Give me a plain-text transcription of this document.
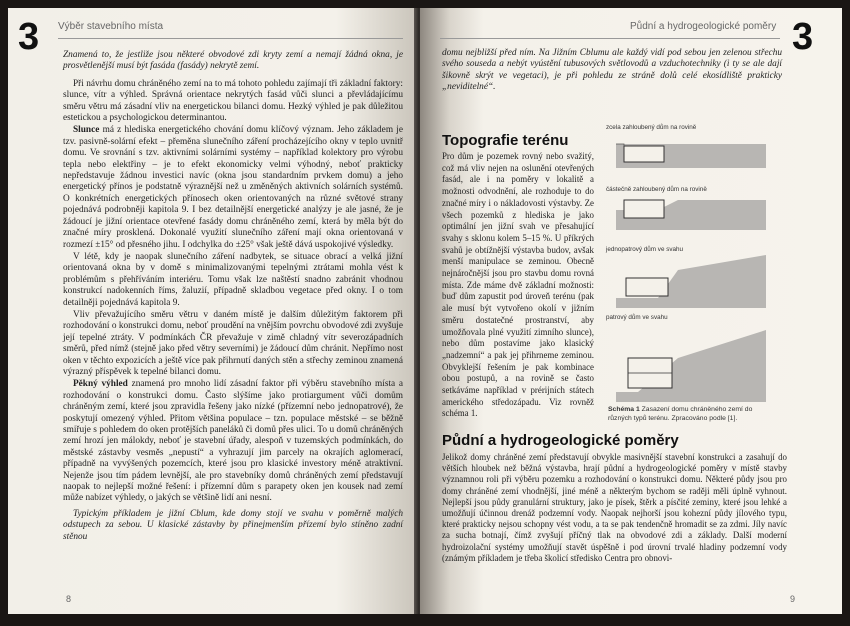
3 Výběr stavebního místa

Znamená to, že jestliže jsou některé obvodové zdi kryty zemí a nemají žádná okna, je prosvětlenější musí být fasáda (fasády) nekrytě zemí.

Při návrhu domu chráněného zemí na to má tohoto pohledu zajímají tři základní faktory: slunce, vítr a výhled. Správná orientace nekrytých fasád vůči slunci a převládajícímu směru větru má zásadní vliv na energetickou bilanci domu. Hezký výhled je pak důležitou estetickou a psychologickou determinantou.

Slunce má z hlediska energetického chování domu klíčový význam. Jeho základem je tzv. pasivně-solární efekt – přeměna slunečního záření procházejícího okny v teplo uvnitř domu. Ve srovnání s tzv. aktivními solárními systémy – například kolektory pro výrobu tepla nebo elektřiny – je to efekt ekonomicky velmi výhodný, neboť prakticky nepředstavuje žádnou investici navíc (okna jsou standardním prvkem domu) a jeho energetický přínos je podstatně výraznější než u změněných aktivních solárních systémů. O konkrétních energetických přínosech oken orientovaných na různé světové strany pojednává podrobněji kapitola 9. I bez detailnější energetické analýzy je ale jasné, že je žádoucí je jižní orientace otevřené fasády domu chráněného zemí, která by měla být do značné míry prosklená. Dokonalé využití slunečního záření mají okna orientovaná v rozmezí ±15° od přesného jihu. I odchylka do ±25° však ještě dává uspokojivé výsledky.

V létě, kdy je naopak slunečního záření nadbytek, se situace obrací a velká jižní orientovaná okna by v domě s minimalizovanými tepelnými ztrátami mohla vést k problémům s přehříváním interiéru. Tomu však lze naštěstí snadno zabránit vhodnou konstrukcí nadokenních říms, žaluzií, případně skladbou vegetace před okny. I o tom detailněji pojednává kapitola 9.

Vliv převažujícího směru větru v daném místě je dalším důležitým faktorem při rozhodování o konstrukci domu, neboť proudění na vnějším povrchu obvodové zdi zvyšuje její tepelné ztráty. V podmínkách ČR převažuje v zimě chladný vítr severozápadních směrů, před nímž (stejně jako před větry severními) je žádoucí dům chránit. Nepřímo nost oken v těchto expozicích a ještě více pak přihrnutí daných stěn a střechy zeminou znamená výrazný příspěvek k tepelné bilanci domu.

Pěkný výhled znamená pro mnoho lidí zásadní faktor při výběru stavebního místa a rozhodování o konstrukci domu. Často slýšíme jako protiargument vůči domům chráněným zemí, které jsou zpravidla řešeny jako nízké (přízemní nebo jednopatrové), že poskytují omezený výhled. Přitom většina populace – tzn. populace městské – se běžně smiřuje s pohledem do oken protějších paneláků či domů přes ulici. To u domů chráněných zemí hrozí jen málokdy, neboť je stavební úřady, alespoň v tuzemských podmínkách, do městské zástavby vesměs „nepustí“ a vyhrazují jim parcely na okrajích aglomerací, případně na vyvýšených pozemcích, které jsou pro klasické investory méně atraktivní. Nejenže jsou tím pádem levnější, ale pro stavebníky domů chráněných zemí představují naopak to nejlepší možné řešení: i přízemní dům s parapety oken jen kousek nad zemí může nabízet výhledy, o jakých se většině lidí ani nesní.

Typickým příkladem je jižní Cblum, kde domy stojí ve svahu v poměrně malých odstupech za sebou. U klasické zástavby by přinejmenším přízemí bylo stíněno zadní stěnou

8
Půdní a hydrogeologické poměry 3
domu nejbližší před ním. Na Jižním Cblumu ale každý vidí pod sebou jen zelenou střechu svého souseda a nebýt vyústění tubusových světlovodů a vzduchotechniky (i ty se ale dají šikovně skrýt ve vegetaci), je při pohledu ze stráně dolů celé ekosídliště prakticky „neviditelné“.
Topografie terénu
Pro dům je pozemek rovný nebo svažitý, což má vliv nejen na oslunění otevřených fasád, ale i na poměry v lokalitě a možnosti odvodnění, ale rozhoduje to do značné míry i o nákladovosti výstavby. Ze všech pozemků z hlediska je jako optimální jen jižní svah ve přesahující svahy s sklonu kolem 5–15 %. U příkrých svahů je obtížnější výstavba budov, avšak menší manipulace se zeminou. Obecně nejnáročnější jsou pro stavbu domu rovná místa. Zde máme dvě základní možnosti: buď dům zapustit pod úroveň terénu (pak ale musí být vytvořeno okolí v jižním směru dostatečné prostranství, aby umožňovala plné využití zimního slunce), nebo dům postavíme jako klasický „nadzemní“ a pak jej přihrneme zeminou. Obvyklejší řešením je pak kombinace obou postupů, a na rovině se často setkáváme například v prérijních státech amerického středozápadu. Viz rovněž schéma 1.
zcela zahloubený dům na rovině
částečně zahloubený dům na rovině
jednopatrový dům ve svahu
patrový dům ve svahu
Schéma 1 Zasazení domu chráněného zemí do různých typů terénu. Zpracováno podle [1].
Půdní a hydrogeologické poměry
Jelikož domy chráněné zemí představují obvykle masivnější stavební konstrukci a zasahují do větších hloubek než běžná výstavba, hrají půdní a hydrogeologické poměry v místě stavby významnou roli při výběru pozemku a rozhodování o konstrukci domu. Některé půdy jsou pro domy chráněné zemí vhodnější, jiné méně a některým bychom se raději měli úplně vyhnout. Nejlepší jsou půdy granulární struktury, jako je písek, štěrk a písčité zeminy, které jsou lehké a umožňují účinnou drenáž podzemní vody. Naopak nejhorší jsou kohezní půdy jílového typu, které prakticky nejsou schopny vést vodu, a ta se pak tendenčně hromadit se za zdmi. Jíly navíc za sucha botnají, čímž zvyšují příčný tlak na obvodové zdi a základy. Další moderní hydroizolační systémy umožňují stavět úspěšně i pod úrovní trvalé hladiny podzemní vody (známým příkladem je třeba školicí středisko Centra pro obnovi-
9
